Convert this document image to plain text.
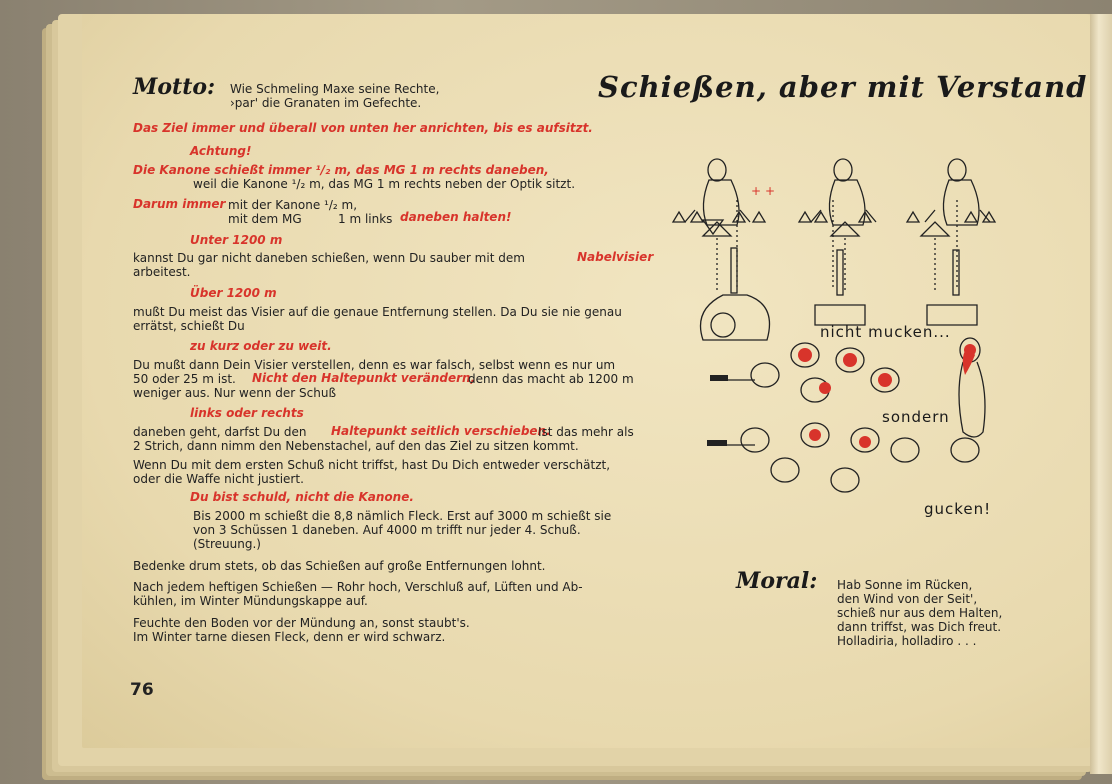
Motto: Wie Schmeling Maxe seine Rechte,
›par' die Granaten im Gefechte.	Schießen, aber mit Verstand
Das Ziel immer und überall von unten her anrichten, bis es aufsitzt.
Achtung!
Die Kanone schießt immer ¹/₂ m, das MG 1 m rechts daneben,
weil die Kanone ¹/₂ m, das MG 1 m rechts neben der Optik sitzt.
Darum immer mit der Kanone ¹/₂ m,
mit dem MG	1 m links daneben halten!
Unter 1200 m
kannst Du gar nicht daneben schießen, wenn Du sauber mit dem	Nabelvisier
arbeitest.
Über 1200 m
mußt Du meist das Visier auf die genaue Entfernung stellen. Da Du sie nie genau
errätst, schießt Du
zu kurz oder zu weit.
Du mußt dann Dein Visier verstellen, denn es war falsch, selbst wenn es nur um
50 oder 25 m ist. Nicht den Haltepunkt verändern,
denn das macht ab 1200 m
weniger aus. Nur wenn der Schuß
links oder rechts
daneben geht, darfst Du den Haltepunkt seitlich verschieben.
Ist das mehr als
2 Strich, dann nimm den Nebenstachel, auf den das Ziel zu sitzen kommt.
Wenn Du mit dem ersten Schuß nicht triffst, hast Du Dich entweder verschätzt,
oder die Waffe nicht justiert.
Du bist schuld, nicht die Kanone.
Bis 2000 m schießt die 8,8 nämlich Fleck. Erst auf 3000 m schießt sie
von 3 Schüssen 1 daneben. Auf 4000 m trifft nur jeder 4. Schuß.
(Streuung.)
Bedenke drum stets, ob das Schießen auf große Entfernungen lohnt.
Nach jedem heftigen Schießen — Rohr hoch, Verschluß auf, Lüften und Ab-
kühlen, im Winter Mündungskappe auf.
Feuchte den Boden vor der Mündung an, sonst staubt's.
Im Winter tarne diesen Fleck, denn er wird schwarz.
+ +
nicht mucken...
sondern
gucken!
Moral: Hab Sonne im Rücken,
den Wind von der Seit',
schieß nur aus dem Halten,
dann triffst, was Dich freut.
Holladiria, holladiro . . .
76
